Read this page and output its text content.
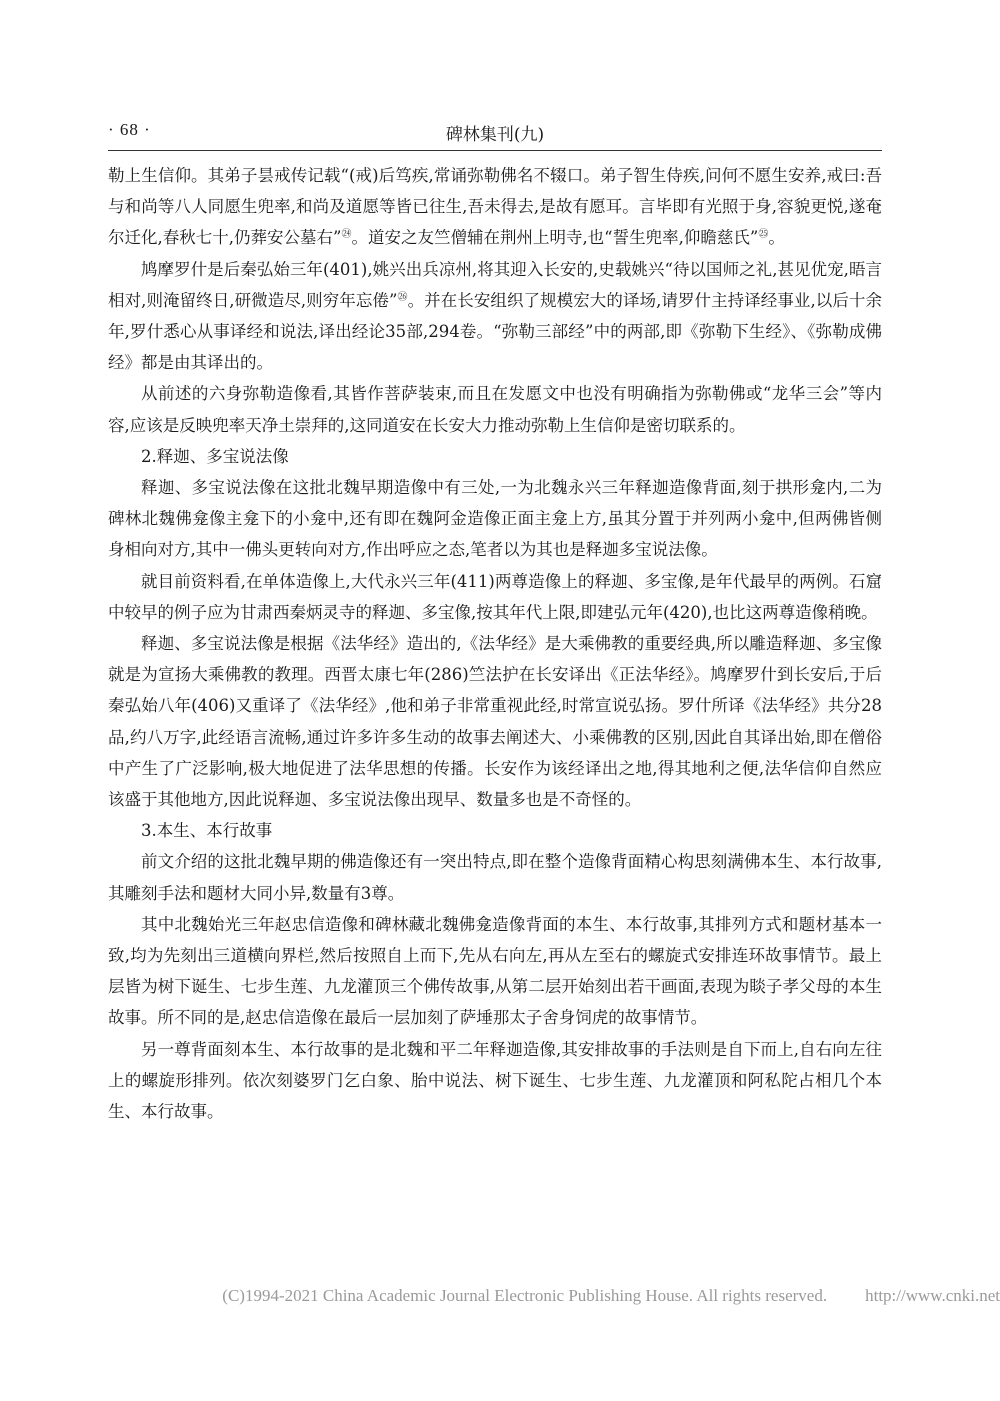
· 68 ·	碑林集刊(九)

勒上生信仰。其弟子昙戒传记载“(戒)后笃疾,常诵弥勒佛名不辍口。弟子智生侍疾,问何不愿生安养,戒曰:吾与和尚等八人同愿生兜率,和尚及道愿等皆已往生,吾未得去,是故有愿耳。言毕即有光照于身,容貌更悦,遂奄尔迁化,春秋七十,仍葬安公墓右”$^㉔$。道安之友竺僧辅在荆州上明寺,也“誓生兜率,仰瞻慈氏”$^㉕$。

鸠摩罗什是后秦弘始三年(401),姚兴出兵凉州,将其迎入长安的,史载姚兴“待以国师之礼,甚见优宠,晤言相对,则淹留终日,研微造尽,则穷年忘倦”$^㉖$。并在长安组织了规模宏大的译场,请罗什主持译经事业,以后十余年,罗什悉心从事译经和说法,译出经论35部,294卷。“弥勒三部经”中的两部,即《弥勒下生经》、《弥勒成佛经》都是由其译出的。

从前述的六身弥勒造像看,其皆作菩萨装束,而且在发愿文中也没有明确指为弥勒佛或“龙华三会”等内容,应该是反映兜率天净土崇拜的,这同道安在长安大力推动弥勒上生信仰是密切联系的。

2.释迦、多宝说法像

释迦、多宝说法像在这批北魏早期造像中有三处,一为北魏永兴三年释迦造像背面,刻于拱形龛内,二为碑林北魏佛龛像主龛下的小龛中,还有即在魏阿金造像正面主龛上方,虽其分置于并列两小龛中,但两佛皆侧身相向对方,其中一佛头更转向对方,作出呼应之态,笔者以为其也是释迦多宝说法像。

就目前资料看,在单体造像上,大代永兴三年(411)两尊造像上的释迦、多宝像,是年代最早的两例。石窟中较早的例子应为甘肃西秦炳灵寺的释迦、多宝像,按其年代上限,即建弘元年(420),也比这两尊造像稍晚。

释迦、多宝说法像是根据《法华经》造出的,《法华经》是大乘佛教的重要经典,所以雕造释迦、多宝像就是为宣扬大乘佛教的教理。西晋太康七年(286)竺法护在长安译出《正法华经》。鸠摩罗什到长安后,于后秦弘始八年(406)又重译了《法华经》,他和弟子非常重视此经,时常宣说弘扬。罗什所译《法华经》共分28品,约八万字,此经语言流畅,通过许多许多生动的故事去阐述大、小乘佛教的区别,因此自其译出始,即在僧俗中产生了广泛影响,极大地促进了法华思想的传播。长安作为该经译出之地,得其地利之便,法华信仰自然应该盛于其他地方,因此说释迦、多宝说法像出现早、数量多也是不奇怪的。

3.本生、本行故事

前文介绍的这批北魏早期的佛造像还有一突出特点,即在整个造像背面精心构思刻满佛本生、本行故事,其雕刻手法和题材大同小异,数量有3尊。

其中北魏始光三年赵忠信造像和碑林藏北魏佛龛造像背面的本生、本行故事,其排列方式和题材基本一致,均为先刻出三道横向界栏,然后按照自上而下,先从右向左,再从左至右的螺旋式安排连环故事情节。最上层皆为树下诞生、七步生莲、九龙灌顶三个佛传故事,从第二层开始刻出若干画面,表现为睒子孝父母的本生故事。所不同的是,赵忠信造像在最后一层加刻了萨埵那太子舍身饲虎的故事情节。

另一尊背面刻本生、本行故事的是北魏和平二年释迦造像,其安排故事的手法则是自下而上,自右向左往上的螺旋形排列。依次刻婆罗门乞白象、胎中说法、树下诞生、七步生莲、九龙灌顶和阿私陀占相几个本生、本行故事。

(C)1994-2021 China Academic Journal Electronic Publishing House. All rights reserved. http://www.cnki.net
